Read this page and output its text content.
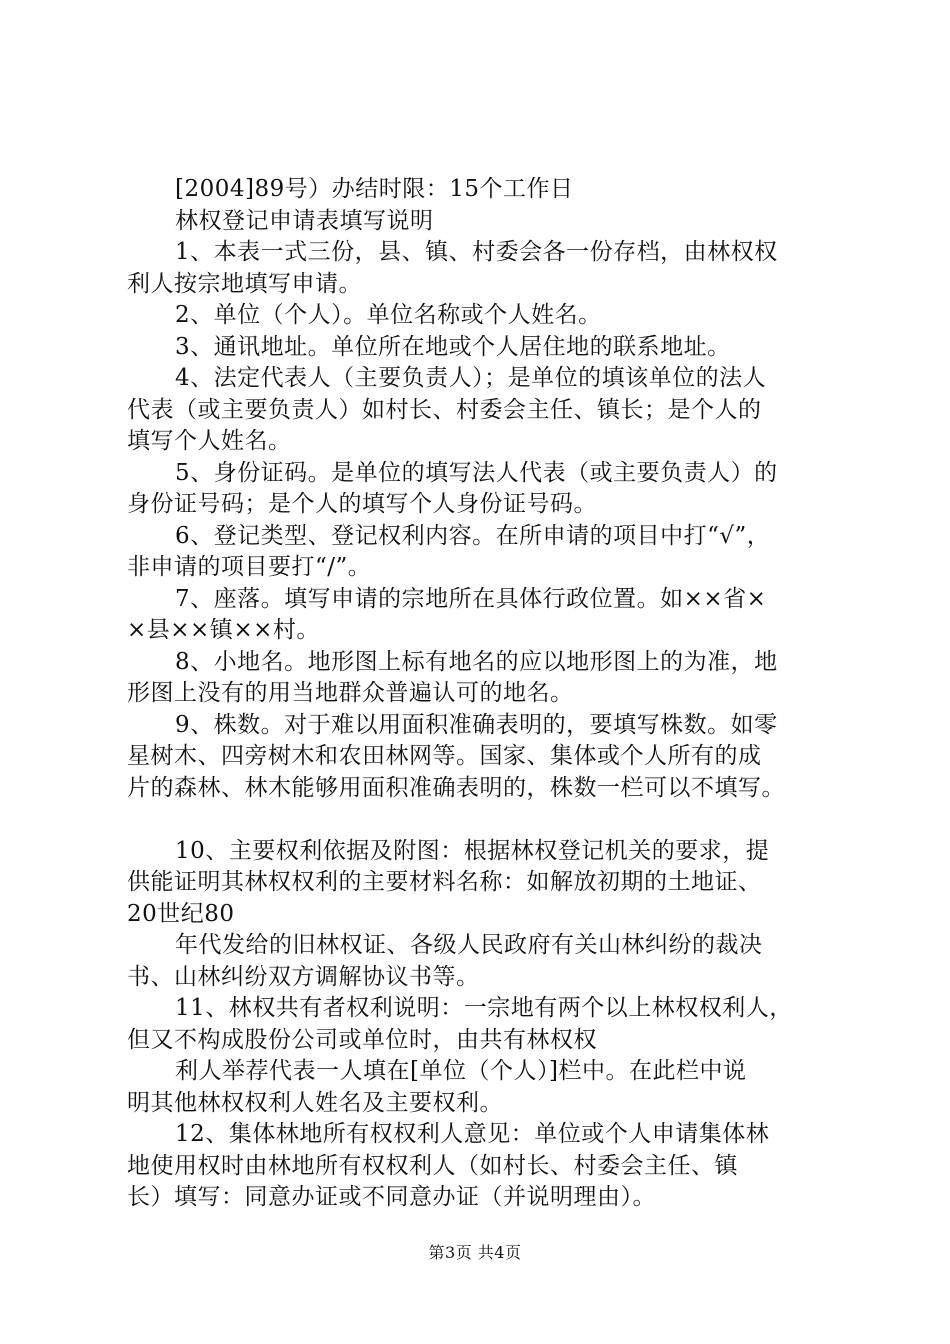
[2004]89号）办结时限：15个工作日
林权登记申请表填写说明
1、本表一式三份，县、镇、村委会各一份存档，由林权权
利人按宗地填写申请。
2、单位（个人）。单位名称或个人姓名。
3、通讯地址。单位所在地或个人居住地的联系地址。
4、法定代表人（主要负责人）；是单位的填该单位的法人
代表（或主要负责人）如村长、村委会主任、镇长；是个人的
填写个人姓名。
5、身份证码。是单位的填写法人代表（或主要负责人）的
身份证号码；是个人的填写个人身份证号码。
6、登记类型、登记权利内容。在所申请的项目中打“√”，
非申请的项目要打“/”。
7、座落。填写申请的宗地所在具体行政位置。如××省×
×县××镇××村。
8、小地名。地形图上标有地名的应以地形图上的为准，地
形图上没有的用当地群众普遍认可的地名。
9、株数。对于难以用面积准确表明的，要填写株数。如零
星树木、四旁树木和农田林网等。国家、集体或个人所有的成
片的森林、林木能够用面积准确表明的，株数一栏可以不填写。
10、主要权利依据及附图：根据林权登记机关的要求，提
供能证明其林权权利的主要材料名称：如解放初期的土地证、
20世纪80
年代发给的旧林权证、各级人民政府有关山林纠纷的裁决
书、山林纠纷双方调解协议书等。
11、林权共有者权利说明：一宗地有两个以上林权权利人，
但又不构成股份公司或单位时，由共有林权权
利人举荐代表一人填在[单位（个人）]栏中。在此栏中说
明其他林权权利人姓名及主要权利。
12、集体林地所有权权利人意见：单位或个人申请集体林
地使用权时由林地所有权权利人（如村长、村委会主任、镇
长）填写：同意办证或不同意办证（并说明理由）。
第3页 共4页
